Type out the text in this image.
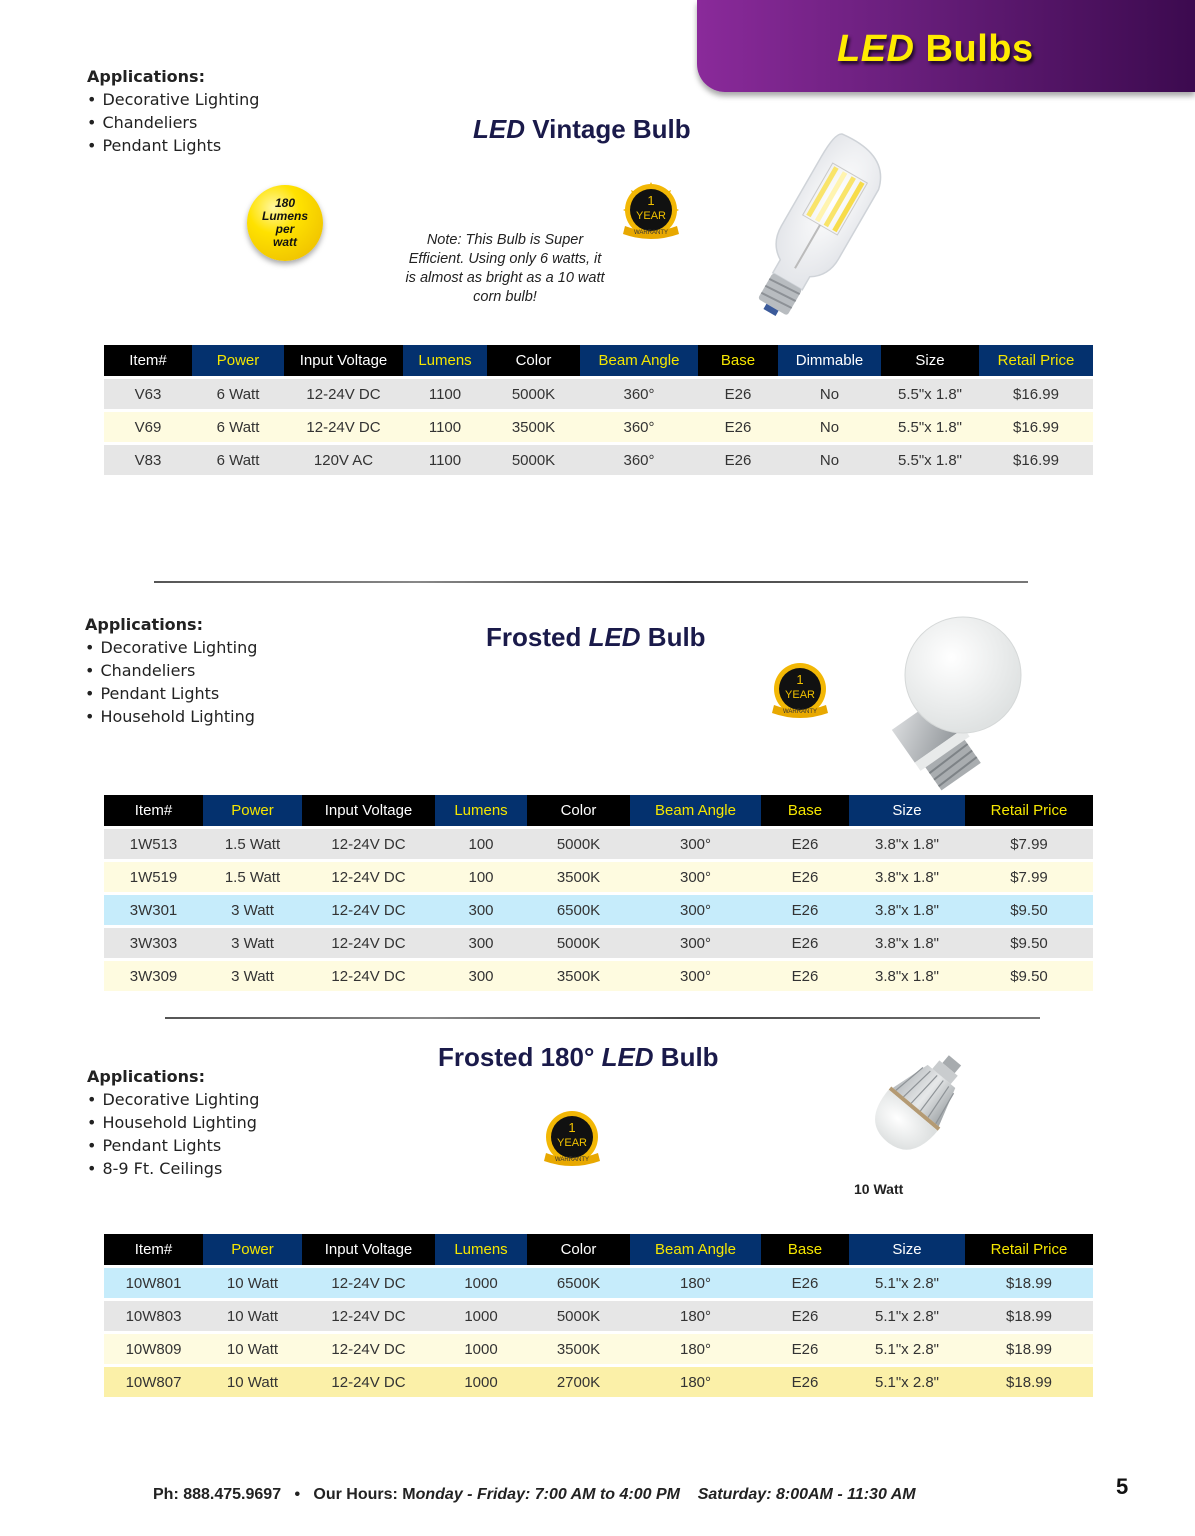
LED Bulbs
Applications:
• Decorative Lighting
• Chandeliers
• Pendant Lights
LED Vintage Bulb
180
Lumens
per
watt
1
YEAR
WARRANTY
Note: This Bulb is Super Efficient. Using only 6 watts, it is almost as bright as a 10 watt corn bulb!
Item#	Power	Input Voltage	Lumens	Color	Beam Angle	Base	Dimmable	Size	Retail Price
V63	6 Watt	12-24V DC	1100	5000K	360°	E26	No	5.5"x 1.8"	$16.99
V69	6 Watt	12-24V DC	1100	3500K	360°	E26	No	5.5"x 1.8"	$16.99
V83	6 Watt	120V AC	1100	5000K	360°	E26	No	5.5"x 1.8"	$16.99
Applications:
• Decorative Lighting
• Chandeliers
• Pendant Lights
• Household Lighting
Frosted LED Bulb
1
YEAR
WARRANTY
Item#	Power	Input Voltage	Lumens	Color	Beam Angle	Base	Size	Retail Price
1W513	1.5 Watt	12-24V DC	100	5000K	300°	E26	3.8"x 1.8"	$7.99
1W519	1.5 Watt	12-24V DC	100	3500K	300°	E26	3.8"x 1.8"	$7.99
3W301	3 Watt	12-24V DC	300	6500K	300°	E26	3.8"x 1.8"	$9.50
3W303	3 Watt	12-24V DC	300	5000K	300°	E26	3.8"x 1.8"	$9.50
3W309	3 Watt	12-24V DC	300	3500K	300°	E26	3.8"x 1.8"	$9.50
Applications:
• Decorative Lighting
• Household Lighting
• Pendant Lights
• 8-9 Ft. Ceilings
Frosted 180° LED Bulb
1
YEAR
WARRANTY
10 Watt
Item#	Power	Input Voltage	Lumens	Color	Beam Angle	Base	Size	Retail Price
10W801	10 Watt	12-24V DC	1000	6500K	180°	E26	5.1"x 2.8"	$18.99
10W803	10 Watt	12-24V DC	1000	5000K	180°	E26	5.1"x 2.8"	$18.99
10W809	10 Watt	12-24V DC	1000	3500K	180°	E26	5.1"x 2.8"	$18.99
10W807	10 Watt	12-24V DC	1000	2700K	180°	E26	5.1"x 2.8"	$18.99
Ph: 888.475.9697 • Our Hours: Monday - Friday: 7:00 AM to 4:00 PM Saturday: 8:00AM - 11:30 AM	5
